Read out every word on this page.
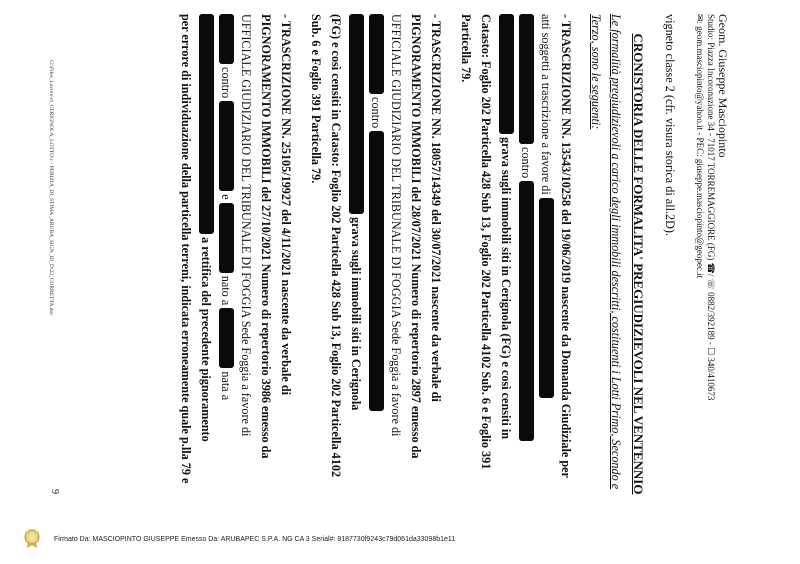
G:\Files_Lavoro\ct_CERIGNOLA_LOTTO\c - PERIZIA_DI_STIMA_ARUBA_SIGN_ID_D\22_CORRETTA.doc	Geom. Giuseppe Masciopinto
Studio: Piazza Incoronazione 34 - 71017 TORREMAGGIORE (FG) ☎/ ☏ 0882/392189 - ☐ 340/410673
✉: geom.masciopinto@yahoo.it - PEC: giuseppe.masciopinto@geopec.it

vigneto classe 2 (cfr. visura storica di all.2D).

CRONISTORIA DELLE FORMALITA' PREGIUDIZIEVOLI NEL VENTENNIO

Le formalità pregiudizievoli a carico degli immobili descritti, costituenti i Lotti Primo, Secondo e
Terzo, sono le seguenti:

- TRASCRIZIONE NN. 13543/10258 del 19/06/2019 nascente da Domanda Giudiziale per
atti soggetti a trascrizione a favore di
contro
grava sugli immobili siti in Cerignola (FG) e così censiti in
Catasto: Foglio 202 Particella 428 Sub 13, Foglio 202 Particella 4102 Sub. 6 e Foglio 391
Particella 79.

- TRASCRIZIONE NN. 18057/14349 del 30/07/2021 nascente da verbale di
PIGNORAMENTO IMMOBILI del 28/07/2021 Numero di repertorio 2897 emesso da
UFFICIALE GIUDIZIARIO DEL TRIBUNALE DI FOGGIA Sede Foggia a favore di
contro
grava sugli immobili siti in Cerignola
(FG) e così censiti in Catasto: Foglio 202 Particella 428 Sub 13, Foglio 202 Particella 4102
Sub. 6 e Foglio 391 Particella 79.

- TRASCRIZIONE NN. 25105/19927 del 4/11/2021 nascente da verbale di
PIGNORAMENTO IMMOBILI del 27/10/2021 Numero di repertorio 3986 emesso da
UFFICIALE GIUDIZIARIO DEL TRIBUNALE DI FOGGIA Sede Foggia a favore di
contro  e  nato a  nata a
a rettifica del precedente pignoramento
per errore di individuazione della particella terreni, indicata erroneamente quale p.lla 79 e

9
Firmato Da: MASCIOPINTO GIUSEPPE Emesso Da: ARUBAPEC S.P.A. NG CA 3 Serial#: 8187730f9243c79d061da33098b1e11
